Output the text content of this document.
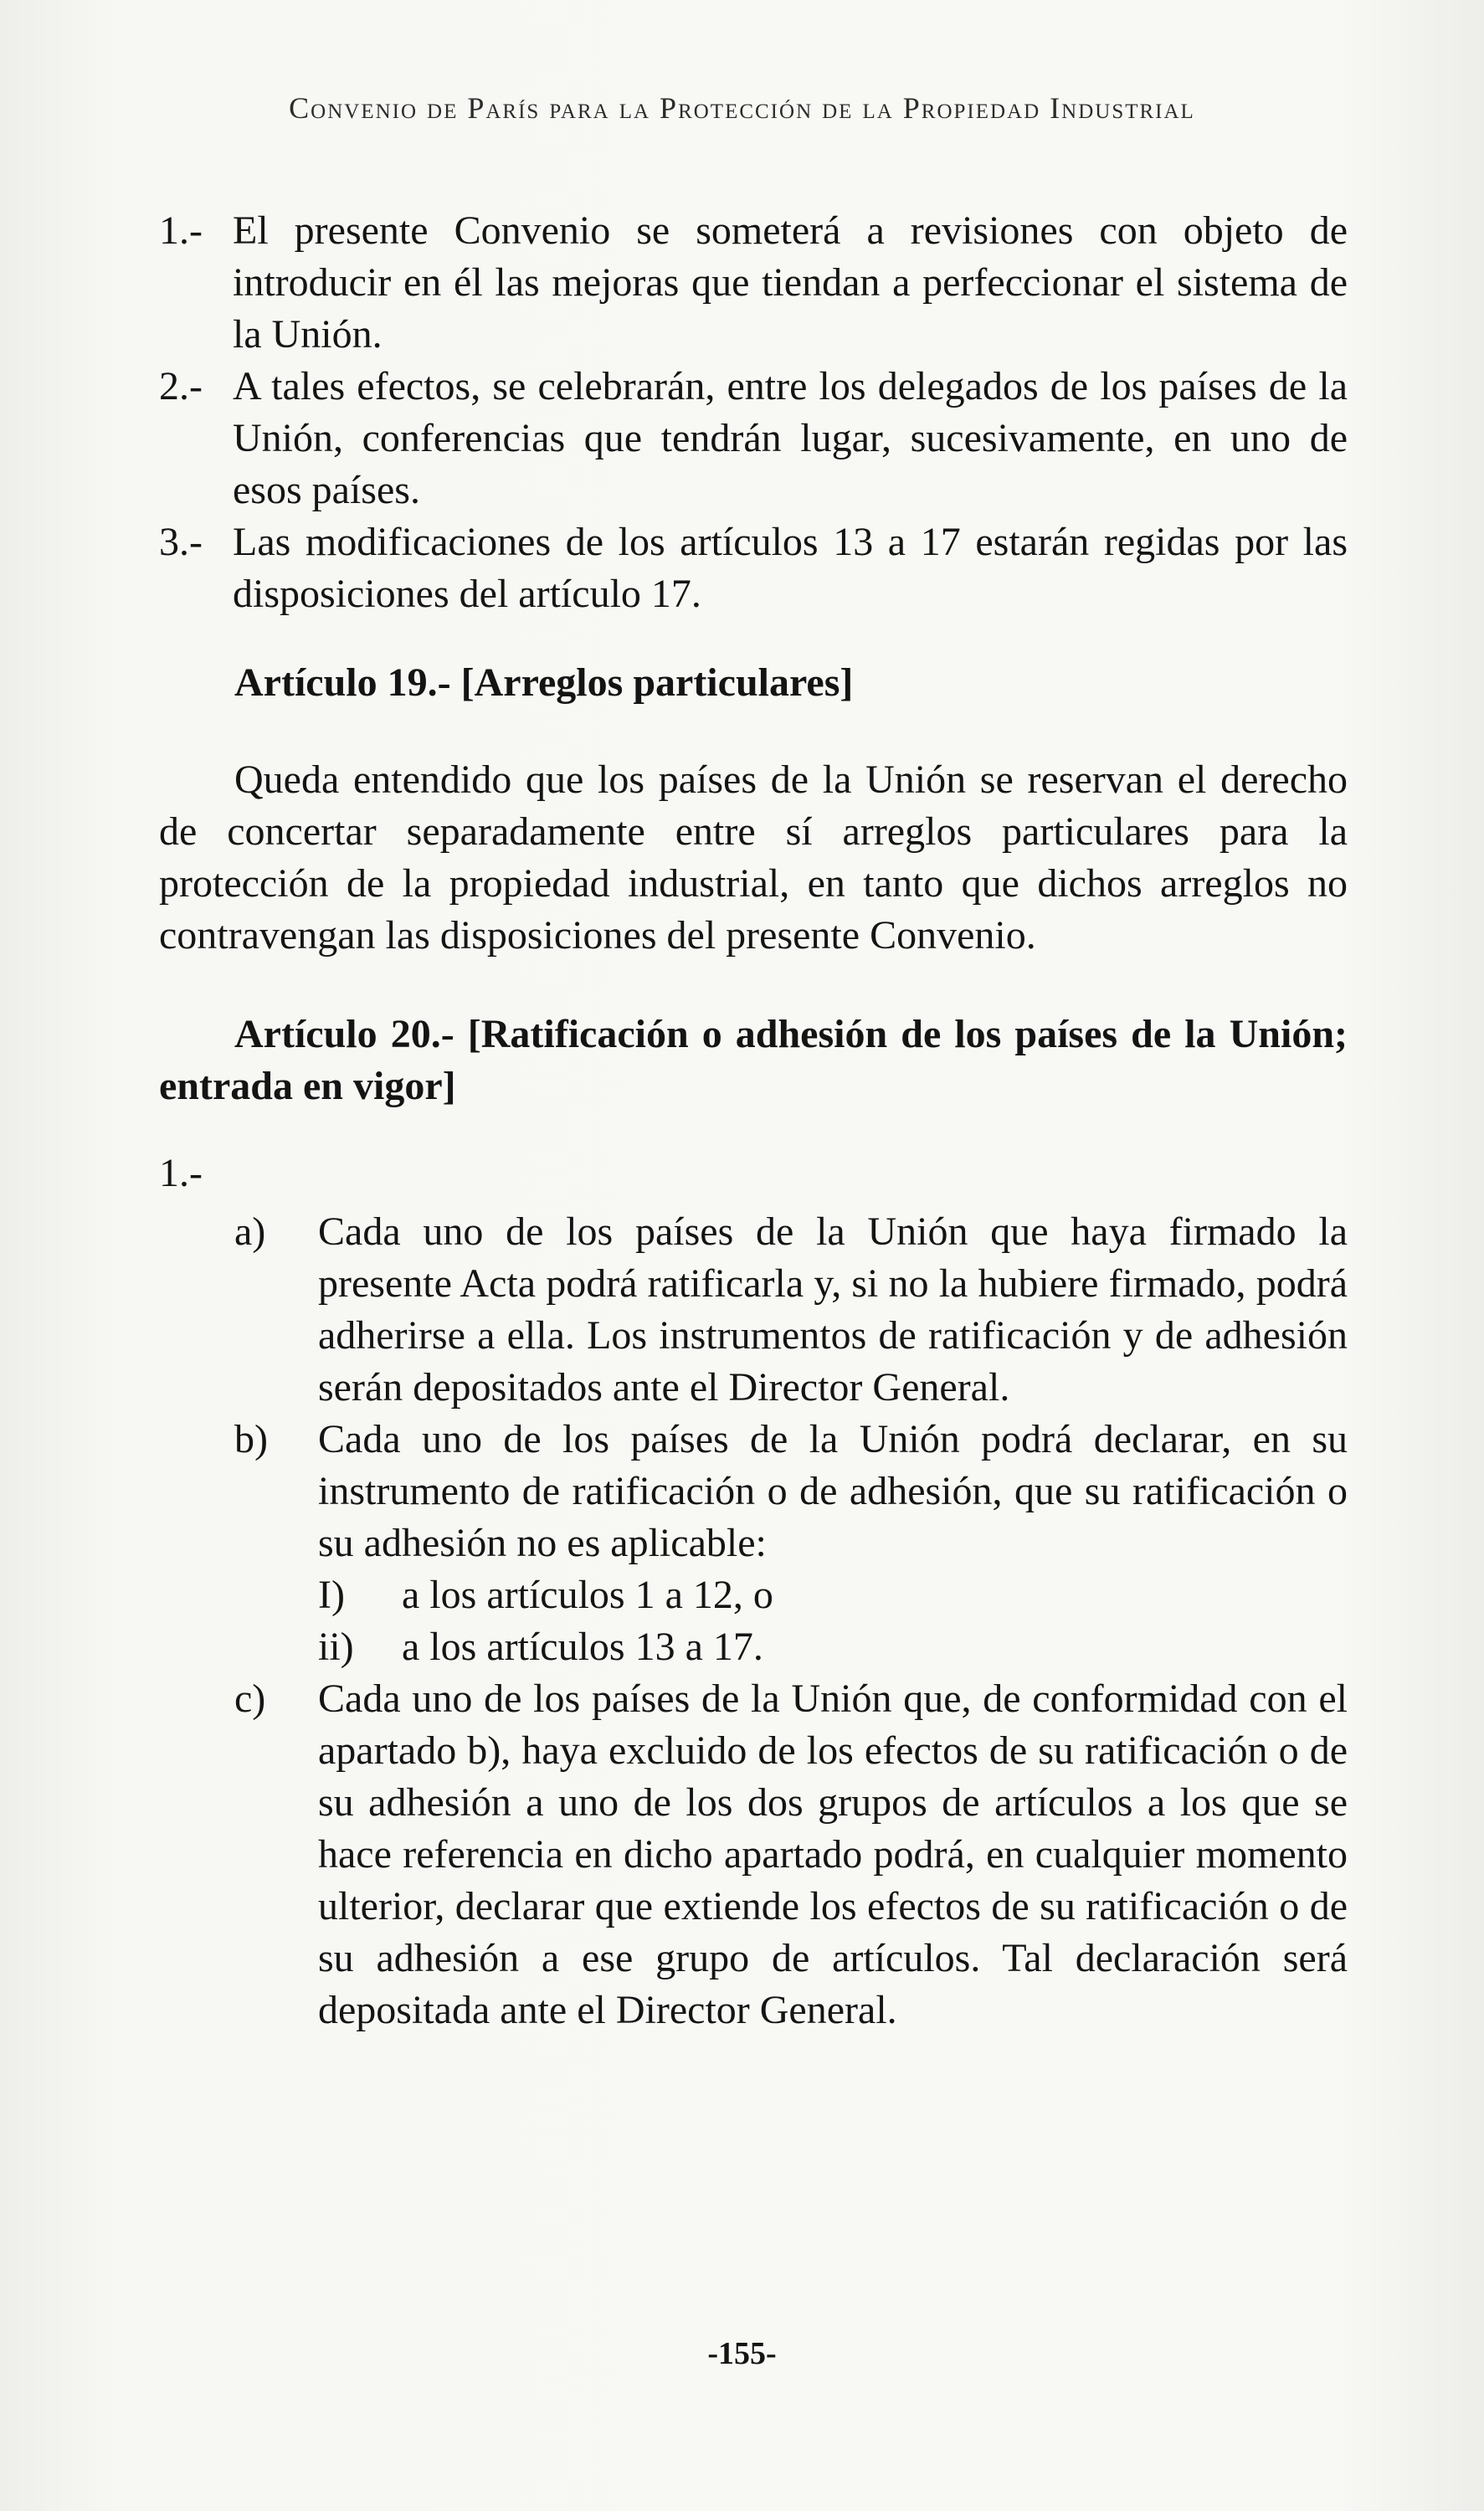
Convenio de París para la Protección de la Propiedad Industrial
1.- El presente Convenio se someterá a revisiones con objeto de introducir en él las mejoras que tiendan a perfeccionar el sistema de la Unión.
2.- A tales efectos, se celebrarán, entre los delegados de los países de la Unión, conferencias que tendrán lugar, sucesivamente, en uno de esos países.
3.- Las modificaciones de los artículos 13 a 17 estarán regidas por las disposiciones del artículo 17.
Artículo 19.- [Arreglos particulares]
Queda entendido que los países de la Unión se reservan el derecho de concertar separadamente entre sí arreglos particulares para la protección de la propiedad industrial, en tanto que dichos arreglos no contravengan las disposiciones del presente Convenio.
Artículo 20.- [Ratificación o adhesión de los países de la Unión; entrada en vigor]
1.-
a)	Cada uno de los países de la Unión que haya firmado la presente Acta podrá ratificarla y, si no la hubiere firmado, podrá adherirse a ella. Los instrumentos de ratificación y de adhesión serán depositados ante el Director General.
b)	Cada uno de los países de la Unión podrá declarar, en su instrumento de ratificación o de adhesión, que su ratificación o su adhesión no es aplicable:
I)	a los artículos 1 a 12, o
ii)	a los artículos 13 a 17.
c)	Cada uno de los países de la Unión que, de conformidad con el apartado b), haya excluido de los efectos de su ratificación o de su adhesión a uno de los dos grupos de artículos a los que se hace referencia en dicho apartado podrá, en cualquier momento ulterior, declarar que extiende los efectos de su ratificación o de su adhesión a ese grupo de artículos. Tal declaración será depositada ante el Director General.
-155-
